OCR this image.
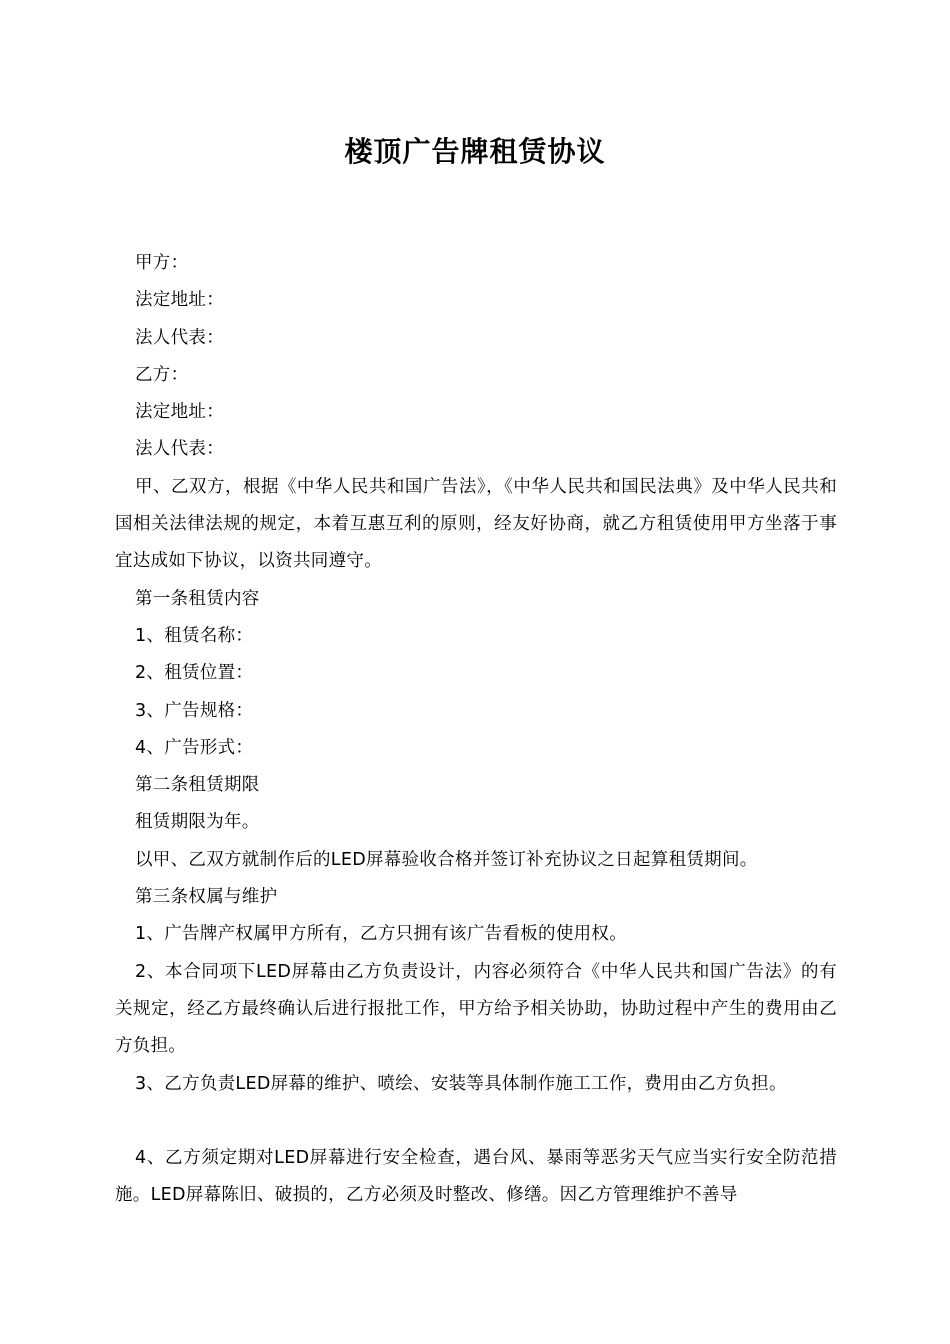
楼顶广告牌租赁协议

甲方：

法定地址：

法人代表：

乙方：

法定地址：

法人代表：

甲、乙双方，根据《中华人民共和国广告法》，《中华人民共和国民法典》及中华人民共和国相关法律法规的规定，本着互惠互利的原则，经友好协商，就乙方租赁使用甲方坐落于事宜达成如下协议，以资共同遵守。

第一条租赁内容

1、租赁名称：

2、租赁位置：

3、广告规格：

4、广告形式：

第二条租赁期限

租赁期限为年。

以甲、乙双方就制作后的LED屏幕验收合格并签订补充协议之日起算租赁期间。

第三条权属与维护

1、广告牌产权属甲方所有，乙方只拥有该广告看板的使用权。

2、本合同项下LED屏幕由乙方负责设计，内容必须符合《中华人民共和国广告法》的有关规定，经乙方最终确认后进行报批工作，甲方给予相关协助，协助过程中产生的费用由乙方负担。

3、乙方负责LED屏幕的维护、喷绘、安装等具体制作施工工作，费用由乙方负担。

4、乙方须定期对LED屏幕进行安全检查，遇台风、暴雨等恶劣天气应当实行安全防范措施。LED屏幕陈旧、破损的，乙方必须及时整改、修缮。因乙方管理维护不善导
